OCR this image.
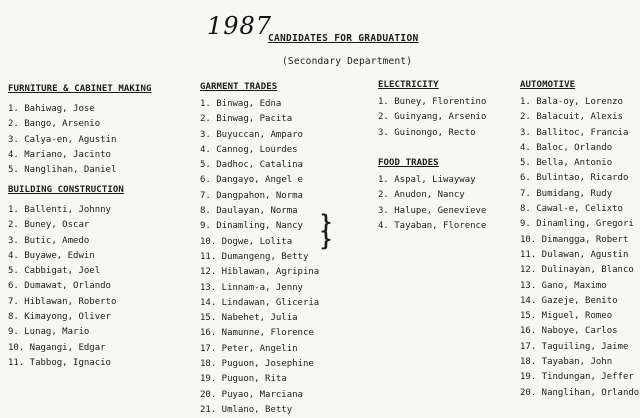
1987
CANDIDATES FOR GRADUATION
(Secondary Department)
FURNITURE & CABINET MAKING
1. Bahiwag, Jose
2. Bango, Arsenio
3. Calya-en, Agustin
4. Mariano, Jacinto
5. Nanglihan, Daniel
BUILDING CONSTRUCTION
1. Ballenti, Johnny
2. Buney, Oscar
3. Butic, Amedo
4. Buyawe, Edwin
5. Cabbigat, Joel
6. Dumawat, Orlando
7. Hiblawan, Roberto
8. Kimayong, Oliver
9. Lunag, Mario
10. Nagangi, Edgar
11. Tabbog, Ignacio
GARMENT TRADES
1. Binwag, Edna
2. Binwag, Pacita
3. Buyuccan, Amparo
4. Cannog, Lourdes
5. Dadhoc, Catalina
6. Dangayo, Angel e
7. Dangpahon, Norma
8. Daulayan, Norma
9. Dinamling, Nancy
10. Dogwe, Lolita
11. Dumangeng, Betty
12. Hiblawan, Agripina
13. Linnam-a, Jenny
14. Lindawan, Gliceria
15. Nabehet, Julia
16. Namunne, Florence
17. Peter, Angelin
18. Puguon, Josephine
19. Puguon, Rita
20. Puyao, Marciana
21. Umlano, Betty
ELECTRICITY
1. Buney, Florentino
2. Guinyang, Arsenio
3. Guinongo, Recto
FOOD TRADES
1. Aspal, Liwayway
2. Anudon, Nancy
3. Halupe, Genevieve
4. Tayaban, Florence
AUTOMOTIVE
1. Bala-oy, Lorenzo
2. Balacuit, Alexis
3. Ballitoc, Francia
4. Baloc, Orlando
5. Bella, Antonio
6. Bulintao, Ricardo
7. Bumidang, Rudy
8. Cawal-e, Celixto
9. Dinamling, Gregori
10. Dimangga, Robert
11. Dulawan, Agustin
12. Dulinayan, Blanco
13. Gano, Maximo
14. Gazeje, Benito
15. Miguel, Romeo
16. Naboye, Carlos
17. Taguiling, Jaime
18. Tayaban, John
19. Tindungan, Jeffer
20. Nanglihan, Orlando
}
}
